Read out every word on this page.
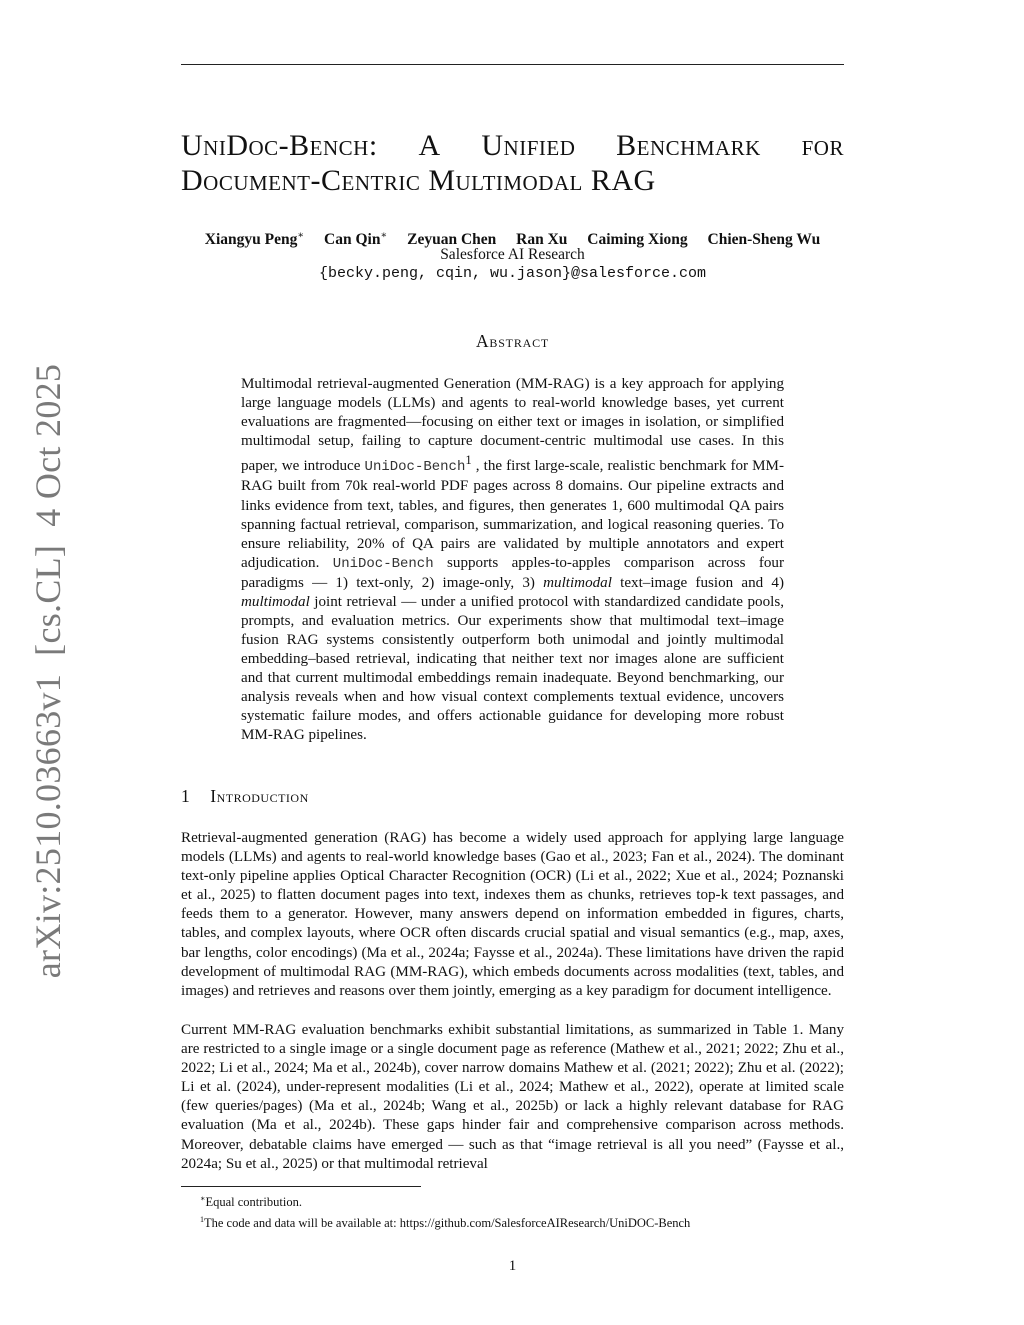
UniDoc-Bench: A Unified Benchmark for
Document-Centric Multimodal RAG
Xiangyu Peng∗ Can Qin∗ Zeyuan Chen Ran Xu Caiming Xiong Chien-Sheng Wu
Salesforce AI Research
{becky.peng, cqin, wu.jason}@salesforce.com
Abstract

Multimodal retrieval-augmented Generation (MM-RAG) is a key approach for applying large language models (LLMs) and agents to real-world knowledge bases, yet current evaluations are fragmented—focusing on either text or images in isolation, or simplified multimodal setup, failing to capture document-centric multimodal use cases. In this paper, we introduce UniDoc-Bench$^1$ , the first large-scale, realistic benchmark for MM-RAG built from 70k real-world PDF pages across 8 domains. Our pipeline extracts and links evidence from text, tables, and figures, then generates 1, 600 multimodal QA pairs spanning factual retrieval, comparison, summarization, and logical reasoning queries. To ensure reliability, 20% of QA pairs are validated by multiple annotators and expert adjudication. UniDoc-Bench supports apples-to-apples comparison across four paradigms — 1) text-only, 2) image-only, 3) multimodal text–image fusion and 4) multimodal joint retrieval — under a unified protocol with standardized candidate pools, prompts, and evaluation metrics. Our experiments show that multimodal text–image fusion RAG systems consistently outperform both unimodal and jointly multimodal embedding–based retrieval, indicating that neither text nor images alone are sufficient and that current multimodal embeddings remain inadequate. Beyond benchmarking, our analysis reveals when and how visual context complements textual evidence, uncovers systematic failure modes, and offers actionable guidance for developing more robust MM-RAG pipelines.

1 Introduction

Retrieval-augmented generation (RAG) has become a widely used approach for applying large language models (LLMs) and agents to real-world knowledge bases (Gao et al., 2023; Fan et al., 2024). The dominant text-only pipeline applies Optical Character Recognition (OCR) (Li et al., 2022; Xue et al., 2024; Poznanski et al., 2025) to flatten document pages into text, indexes them as chunks, retrieves top-k text passages, and feeds them to a generator. However, many answers depend on information embedded in figures, charts, tables, and complex layouts, where OCR often discards crucial spatial and visual semantics (e.g., map, axes, bar lengths, color encodings) (Ma et al., 2024a; Faysse et al., 2024a). These limitations have driven the rapid development of multimodal RAG (MM-RAG), which embeds documents across modalities (text, tables, and images) and retrieves and reasons over them jointly, emerging as a key paradigm for document intelligence.

Current MM-RAG evaluation benchmarks exhibit substantial limitations, as summarized in Table 1. Many are restricted to a single image or a single document page as reference (Mathew et al., 2021; 2022; Zhu et al., 2022; Li et al., 2024; Ma et al., 2024b), cover narrow domains Mathew et al. (2021; 2022); Zhu et al. (2022); Li et al. (2024), under-represent modalities (Li et al., 2024; Mathew et al., 2022), operate at limited scale (few queries/pages) (Ma et al., 2024b; Wang et al., 2025b) or lack a highly relevant database for RAG evaluation (Ma et al., 2024b). These gaps hinder fair and comprehensive comparison across methods. Moreover, debatable claims have emerged — such as that “image retrieval is all you need” (Faysse et al., 2024a; Su et al., 2025) or that multimodal retrieval

∗Equal contribution.
$^1$The code and data will be available at: https://github.com/SalesforceAIResearch/UniDOC-Bench
1
arXiv:2510.03663v1[cs.CL]4 Oct 2025
